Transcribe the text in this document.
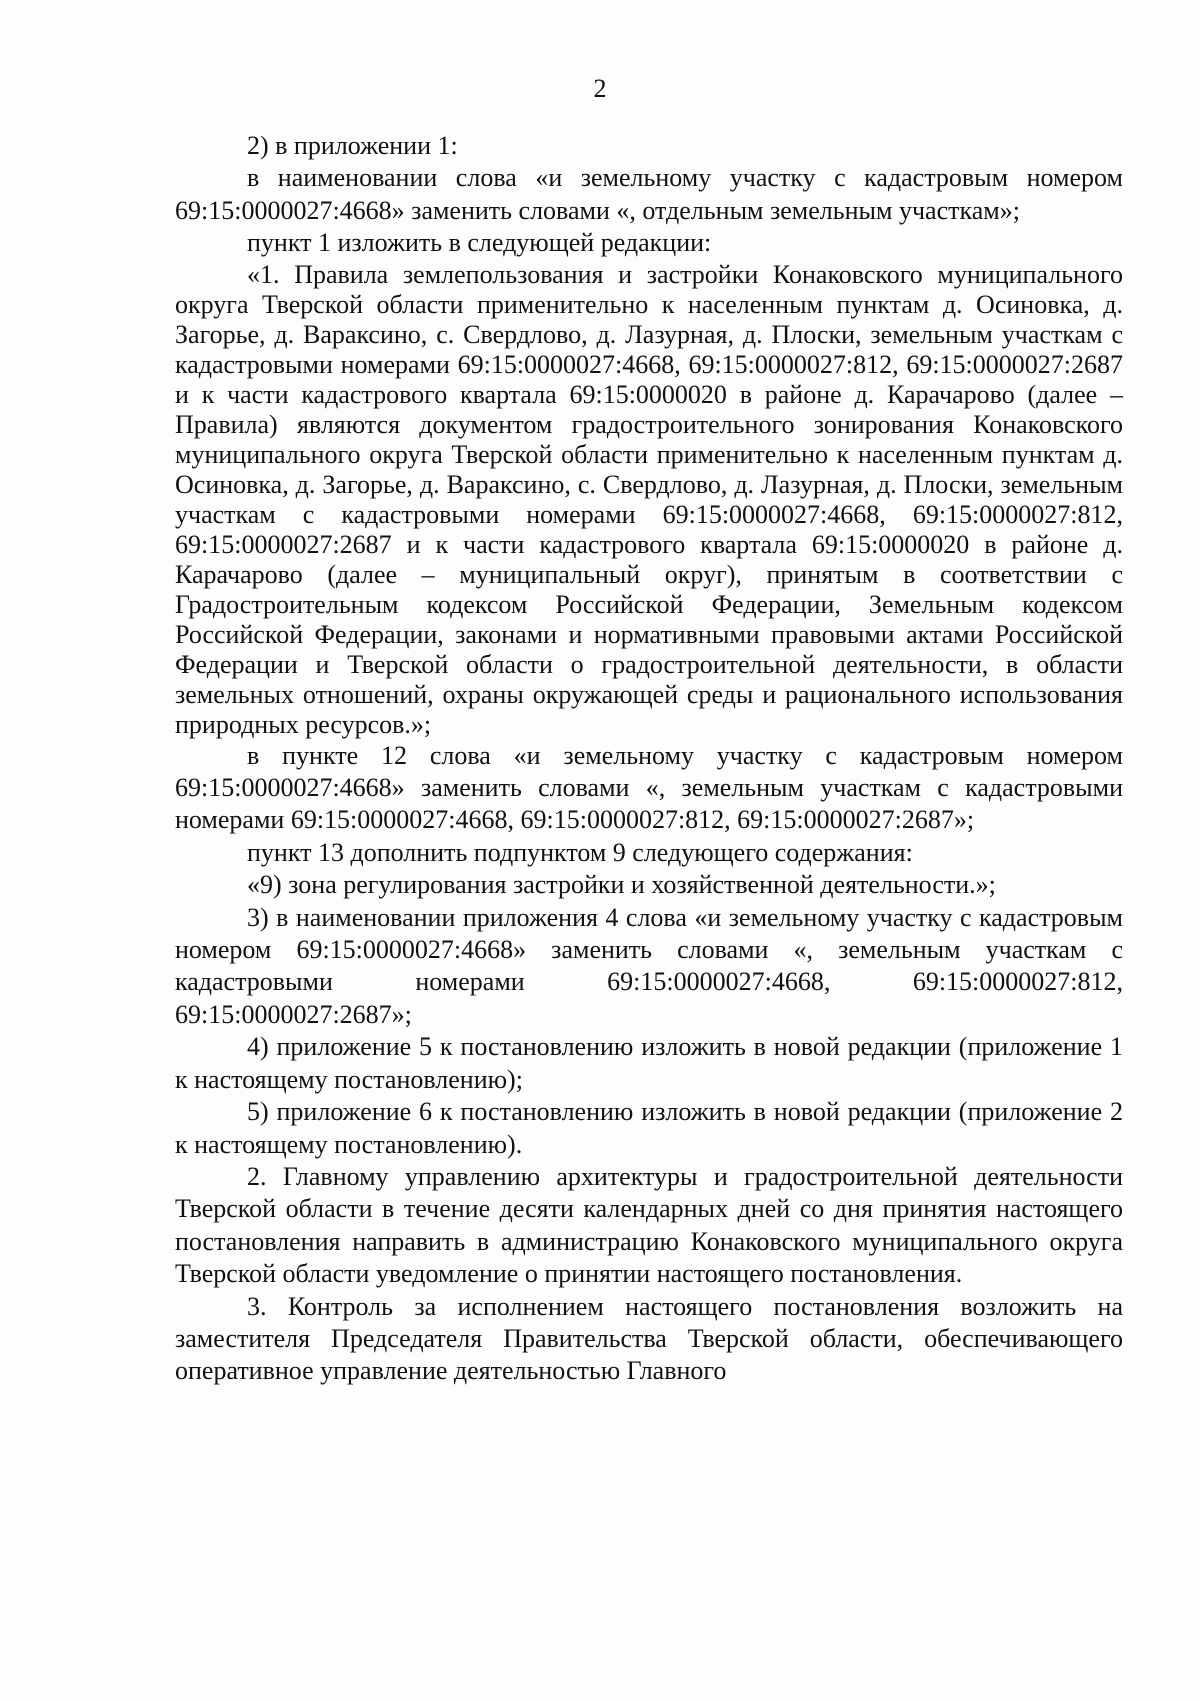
2

2) в приложении 1:

в наименовании слова «и земельному участку с кадастровым номером 69:15:0000027:4668» заменить словами «, отдельным земельным участкам»;

пункт 1 изложить в следующей редакции:

«1. Правила землепользования и застройки Конаковского муниципального округа Тверской области применительно к населенным пунктам д. Осиновка, д. Загорье, д. Вараксино, с. Свердлово, д. Лазурная, д. Плоски, земельным участкам с кадастровыми номерами 69:15:0000027:4668, 69:15:0000027:812, 69:15:0000027:2687 и к части кадастрового квартала 69:15:0000020 в районе д. Карачарово (далее – Правила) являются документом градостроительного зонирования Конаковского муниципального округа Тверской области применительно к населенным пунктам д. Осиновка, д. Загорье, д. Вараксино, с. Свердлово, д. Лазурная, д. Плоски, земельным участкам с кадастровыми номерами 69:15:0000027:4668, 69:15:0000027:812, 69:15:0000027:2687 и к части кадастрового квартала 69:15:0000020 в районе д. Карачарово (далее – муниципальный округ), принятым в соответствии с Градостроительным кодексом Российской Федерации, Земельным кодексом Российской Федерации, законами и нормативными правовыми актами Российской Федерации и Тверской области о градостроительной деятельности, в области земельных отношений, охраны окружающей среды и рационального использования природных ресурсов.»;

в пункте 12 слова «и земельному участку с кадастровым номером 69:15:0000027:4668» заменить словами «, земельным участкам с кадастровыми номерами 69:15:0000027:4668, 69:15:0000027:812, 69:15:0000027:2687»;

пункт 13 дополнить подпунктом 9 следующего содержания:

«9) зона регулирования застройки и хозяйственной деятельности.»;

3) в наименовании приложения 4 слова «и земельному участку с кадастровым номером 69:15:0000027:4668» заменить словами «, земельным участкам с кадастровыми номерами 69:15:0000027:4668, 69:15:0000027:812, 69:15:0000027:2687»;

4) приложение 5 к постановлению изложить в новой редакции (приложение 1 к настоящему постановлению);

5) приложение 6 к постановлению изложить в новой редакции (приложение 2 к настоящему постановлению).

2. Главному управлению архитектуры и градостроительной деятельности Тверской области в течение десяти календарных дней со дня принятия настоящего постановления направить в администрацию Конаковского муниципального округа Тверской области уведомление о принятии настоящего постановления.

3. Контроль за исполнением настоящего постановления возложить на заместителя Председателя Правительства Тверской области, обеспечивающего оперативное управление деятельностью Главного
